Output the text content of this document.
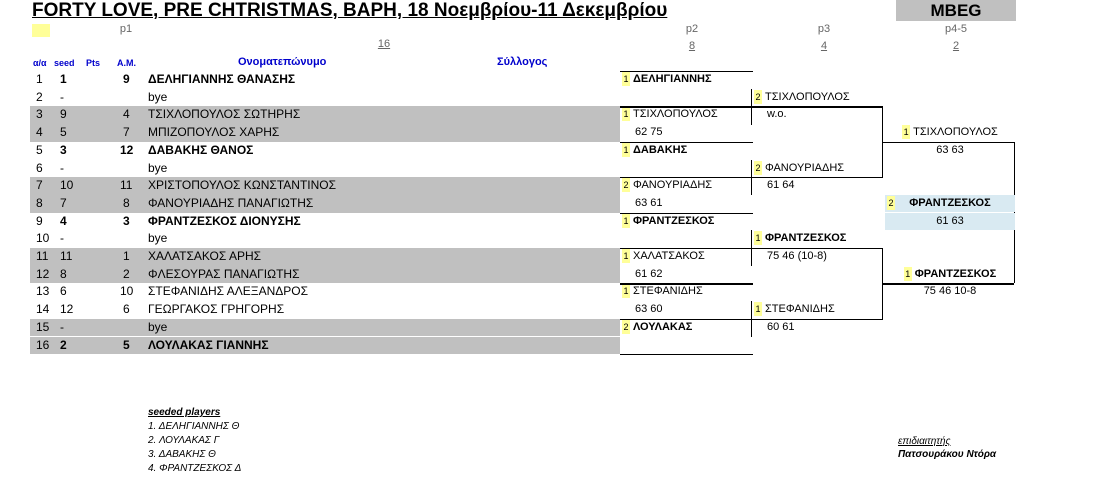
FORTY LOVE, PRE CHTRISTMAS, ΒΑΡΗ, 18 Νοεμβρίου-11 Δεκεμβρίου	MBEG
p1	p2	p3	p4-5
16	8	4	2
α/α seed Pts A.M.	Ονοματεπώνυμο	Σύλλογος
1 1	9 ΔΕΛΗΓΙΑΝΝΗΣ ΘΑΝΑΣΗΣ
2 -	bye
3 9	4 ΤΣΙΧΛΟΠΟΥΛΟΣ ΣΩΤΗΡΗΣ
4 5	7 ΜΠΙΖΟΠΟΥΛΟΣ ΧΑΡΗΣ
5 3	12 ΔΑΒΑΚΗΣ ΘΑΝΟΣ
6 -	bye
7 10	11 ΧΡΙΣΤΟΠΟΥΛΟΣ ΚΩΝΣΤΑΝΤΙΝΟΣ
8 7	8 ΦΑΝΟΥΡΙΑΔΗΣ ΠΑΝΑΓΙΩΤΗΣ
9 4	3 ΦΡΑΝΤΖΕΣΚΟΣ ΔΙΟΝΥΣΗΣ
10 -	bye
11 11	1 ΧΑΛΑΤΣΑΚΟΣ ΑΡΗΣ
12 8	2 ΦΛΕΣΟΥΡΑΣ ΠΑΝΑΓΙΩΤΗΣ
13 6	10 ΣΤΕΦΑΝΙΔΗΣ ΑΛΕΞΑΝΔΡΟΣ
14 12	6 ΓΕΩΡΓΑΚΟΣ ΓΡΗΓΟΡΗΣ
15 -	bye
16 2	5 ΛΟΥΛΑΚΑΣ ΓΙΑΝΝΗΣ
1 ΔΕΛΗΓΙΑΝΝΗΣ
1 ΤΣΙΧΛΟΠΟΥΛΟΣ
62 75
1 ΔΑΒΑΚΗΣ
2 ΦΑΝΟΥΡΙΑΔΗΣ
63 61
1 ΦΡΑΝΤΖΕΣΚΟΣ
1 ΧΑΛΑΤΣΑΚΟΣ
61 62
1 ΣΤΕΦΑΝΙΔΗΣ
63 60
2 ΛΟΥΛΑΚΑΣ
2 ΤΣΙΧΛΟΠΟΥΛΟΣ
w.o.
2 ΦΑΝΟΥΡΙΑΔΗΣ
61 64
1 ΦΡΑΝΤΖΕΣΚΟΣ
75 46 (10-8)
1 ΣΤΕΦΑΝΙΔΗΣ
60 61
1 ΤΣΙΧΛΟΠΟΥΛΟΣ
63 63
1 ΦΡΑΝΤΖΕΣΚΟΣ
75 46 10-8
2 ΦΡΑΝΤΖΕΣΚΟΣ
61 63
seeded players
1. ΔΕΛΗΓΙΑΝΝΗΣ Θ
2. ΛΟΥΛΑΚΑΣ Γ
3. ΔΑΒΑΚΗΣ Θ
4. ΦΡΑΝΤΖΕΣΚΟΣ Δ
επιδιαιτητής
Πατσουράκου Ντόρα
